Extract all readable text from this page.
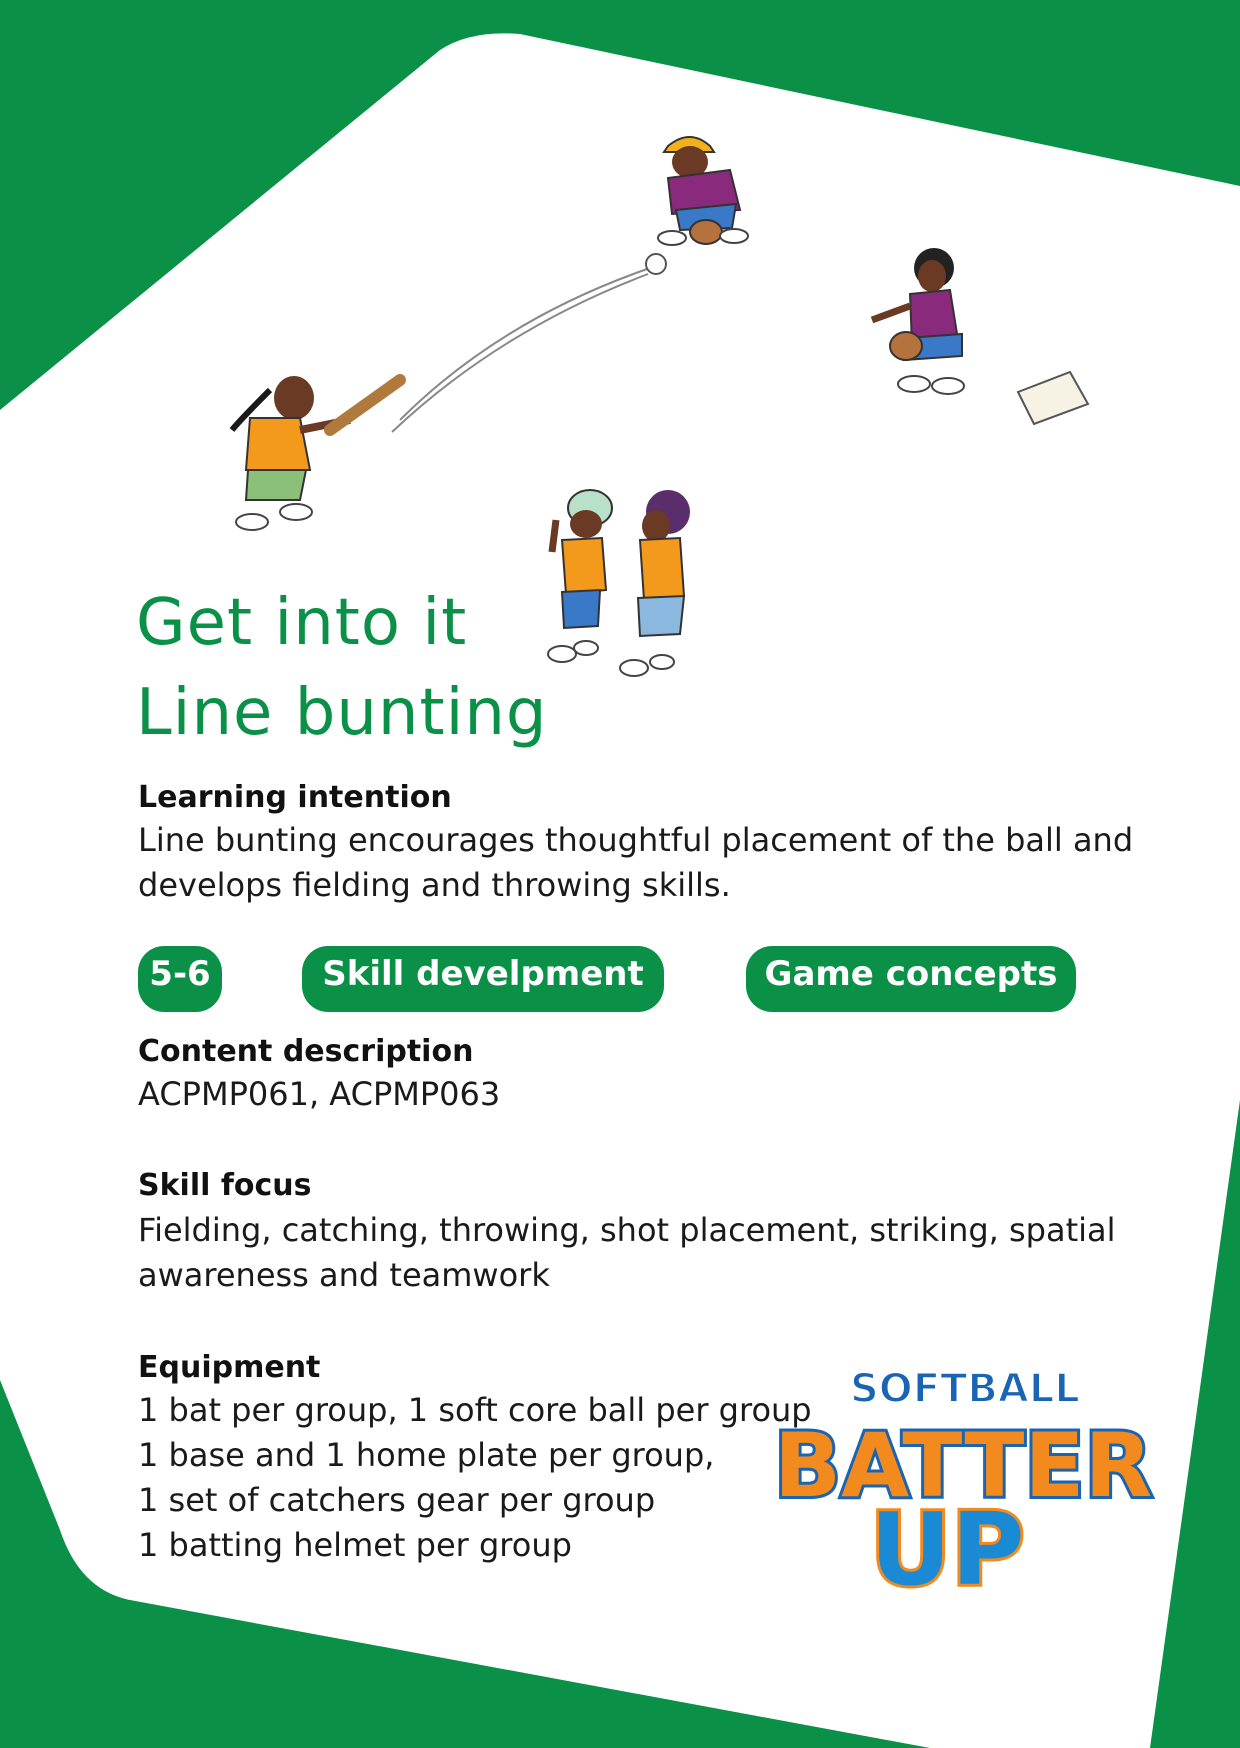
Get into it
Line bunting

Learning intention

Line bunting encourages thoughtful placement of the ball and

develops fielding and throwing skills.

5-6	Skill develpment	Game concepts

Content description

ACPMP061, ACPMP063

Skill focus

Fielding, catching, throwing, shot placement, striking, spatial

awareness and teamwork

Equipment

1 bat per group, 1 soft core ball per group

1 base and 1 home plate per group,

1 set of catchers gear per group

1 batting helmet per group

SOFTBALL
BATTER
UP
